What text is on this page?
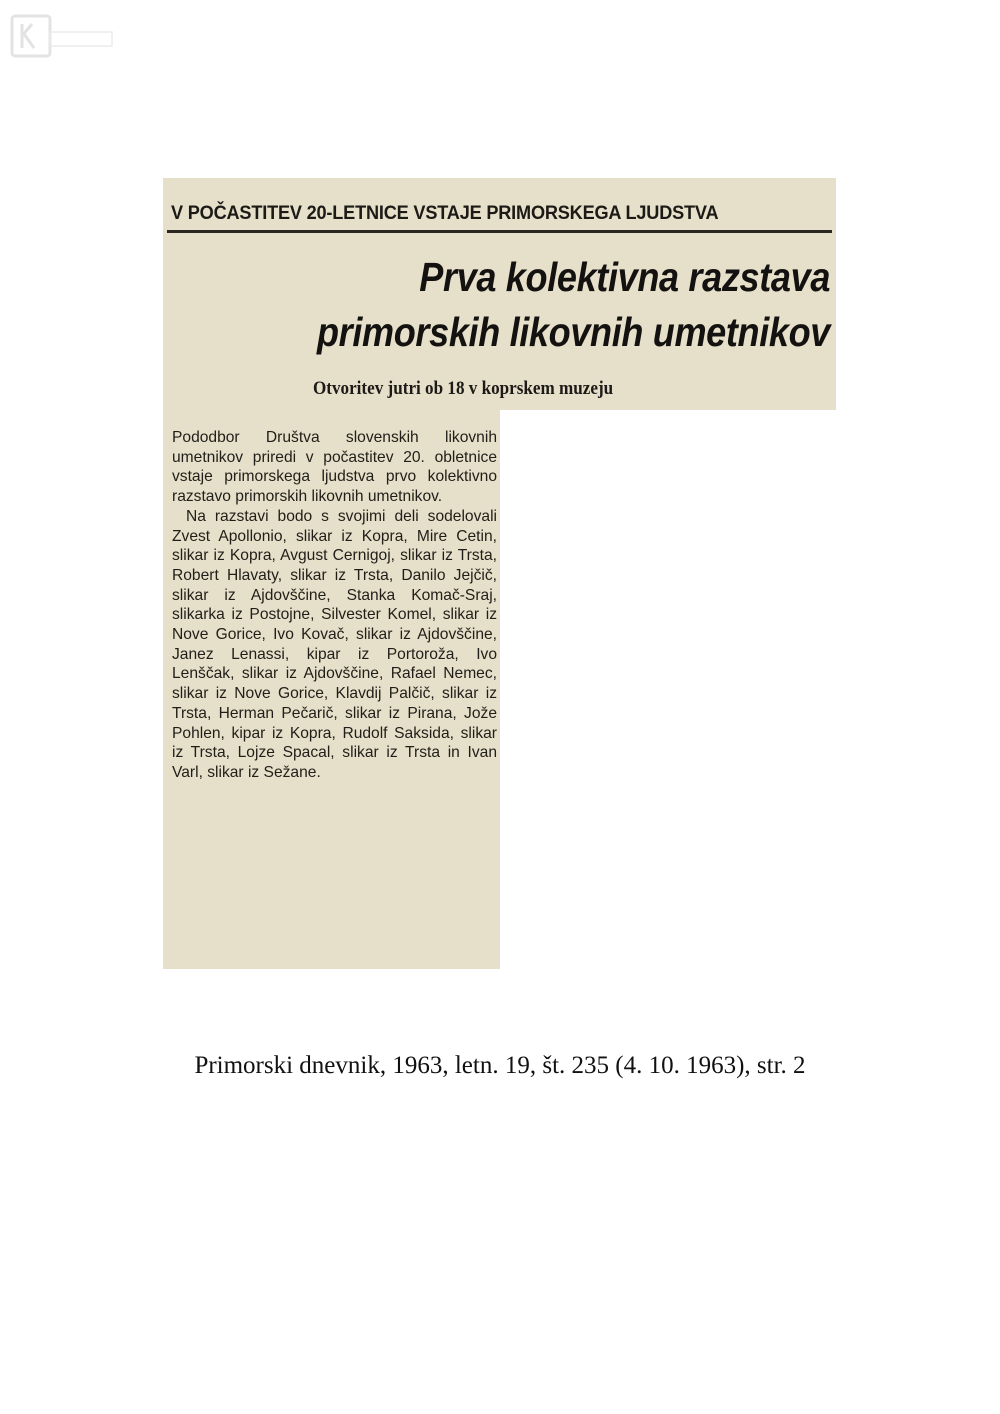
V POČASTITEV 20-LETNICE VSTAJE PRIMORSKEGA LJUDSTVA
Prva kolektivna razstava
primorskih likovnih umetnikov
Otvoritev jutri ob 18 v koprskem muzeju

Pododbor Društva slovenskih likovnih umetnikov priredi v počastitev 20. obletnice vstaje primorskega ljudstva prvo kolektivno razstavo primorskih likovnih umetnikov.

Na razstavi bodo s svojimi deli sodelovali Zvest Apollonio, slikar iz Kopra, Mire Cetin, slikar iz Kopra, Avgust Cernigoj, slikar iz Trsta, Robert Hlavaty, slikar iz Trsta, Danilo Jejčič, slikar iz Ajdovščine, Stanka Komač-Sraj, slikarka iz Postojne, Silvester Komel, slikar iz Nove Gorice, Ivo Kovač, slikar iz Ajdovščine, Janez Lenassi, kipar iz Portoroža, Ivo Lenščak, slikar iz Ajdovščine, Rafael Nemec, slikar iz Nove Gorice, Klavdij Palčič, slikar iz Trsta, Herman Pečarič, slikar iz Pirana, Jože Pohlen, kipar iz Kopra, Rudolf Saksida, slikar iz Trsta, Lojze Spacal, slikar iz Trsta in Ivan Varl, slikar iz Sežane.

Primorski dnevnik, 1963, letn. 19, št. 235 (4. 10. 1963), str. 2
